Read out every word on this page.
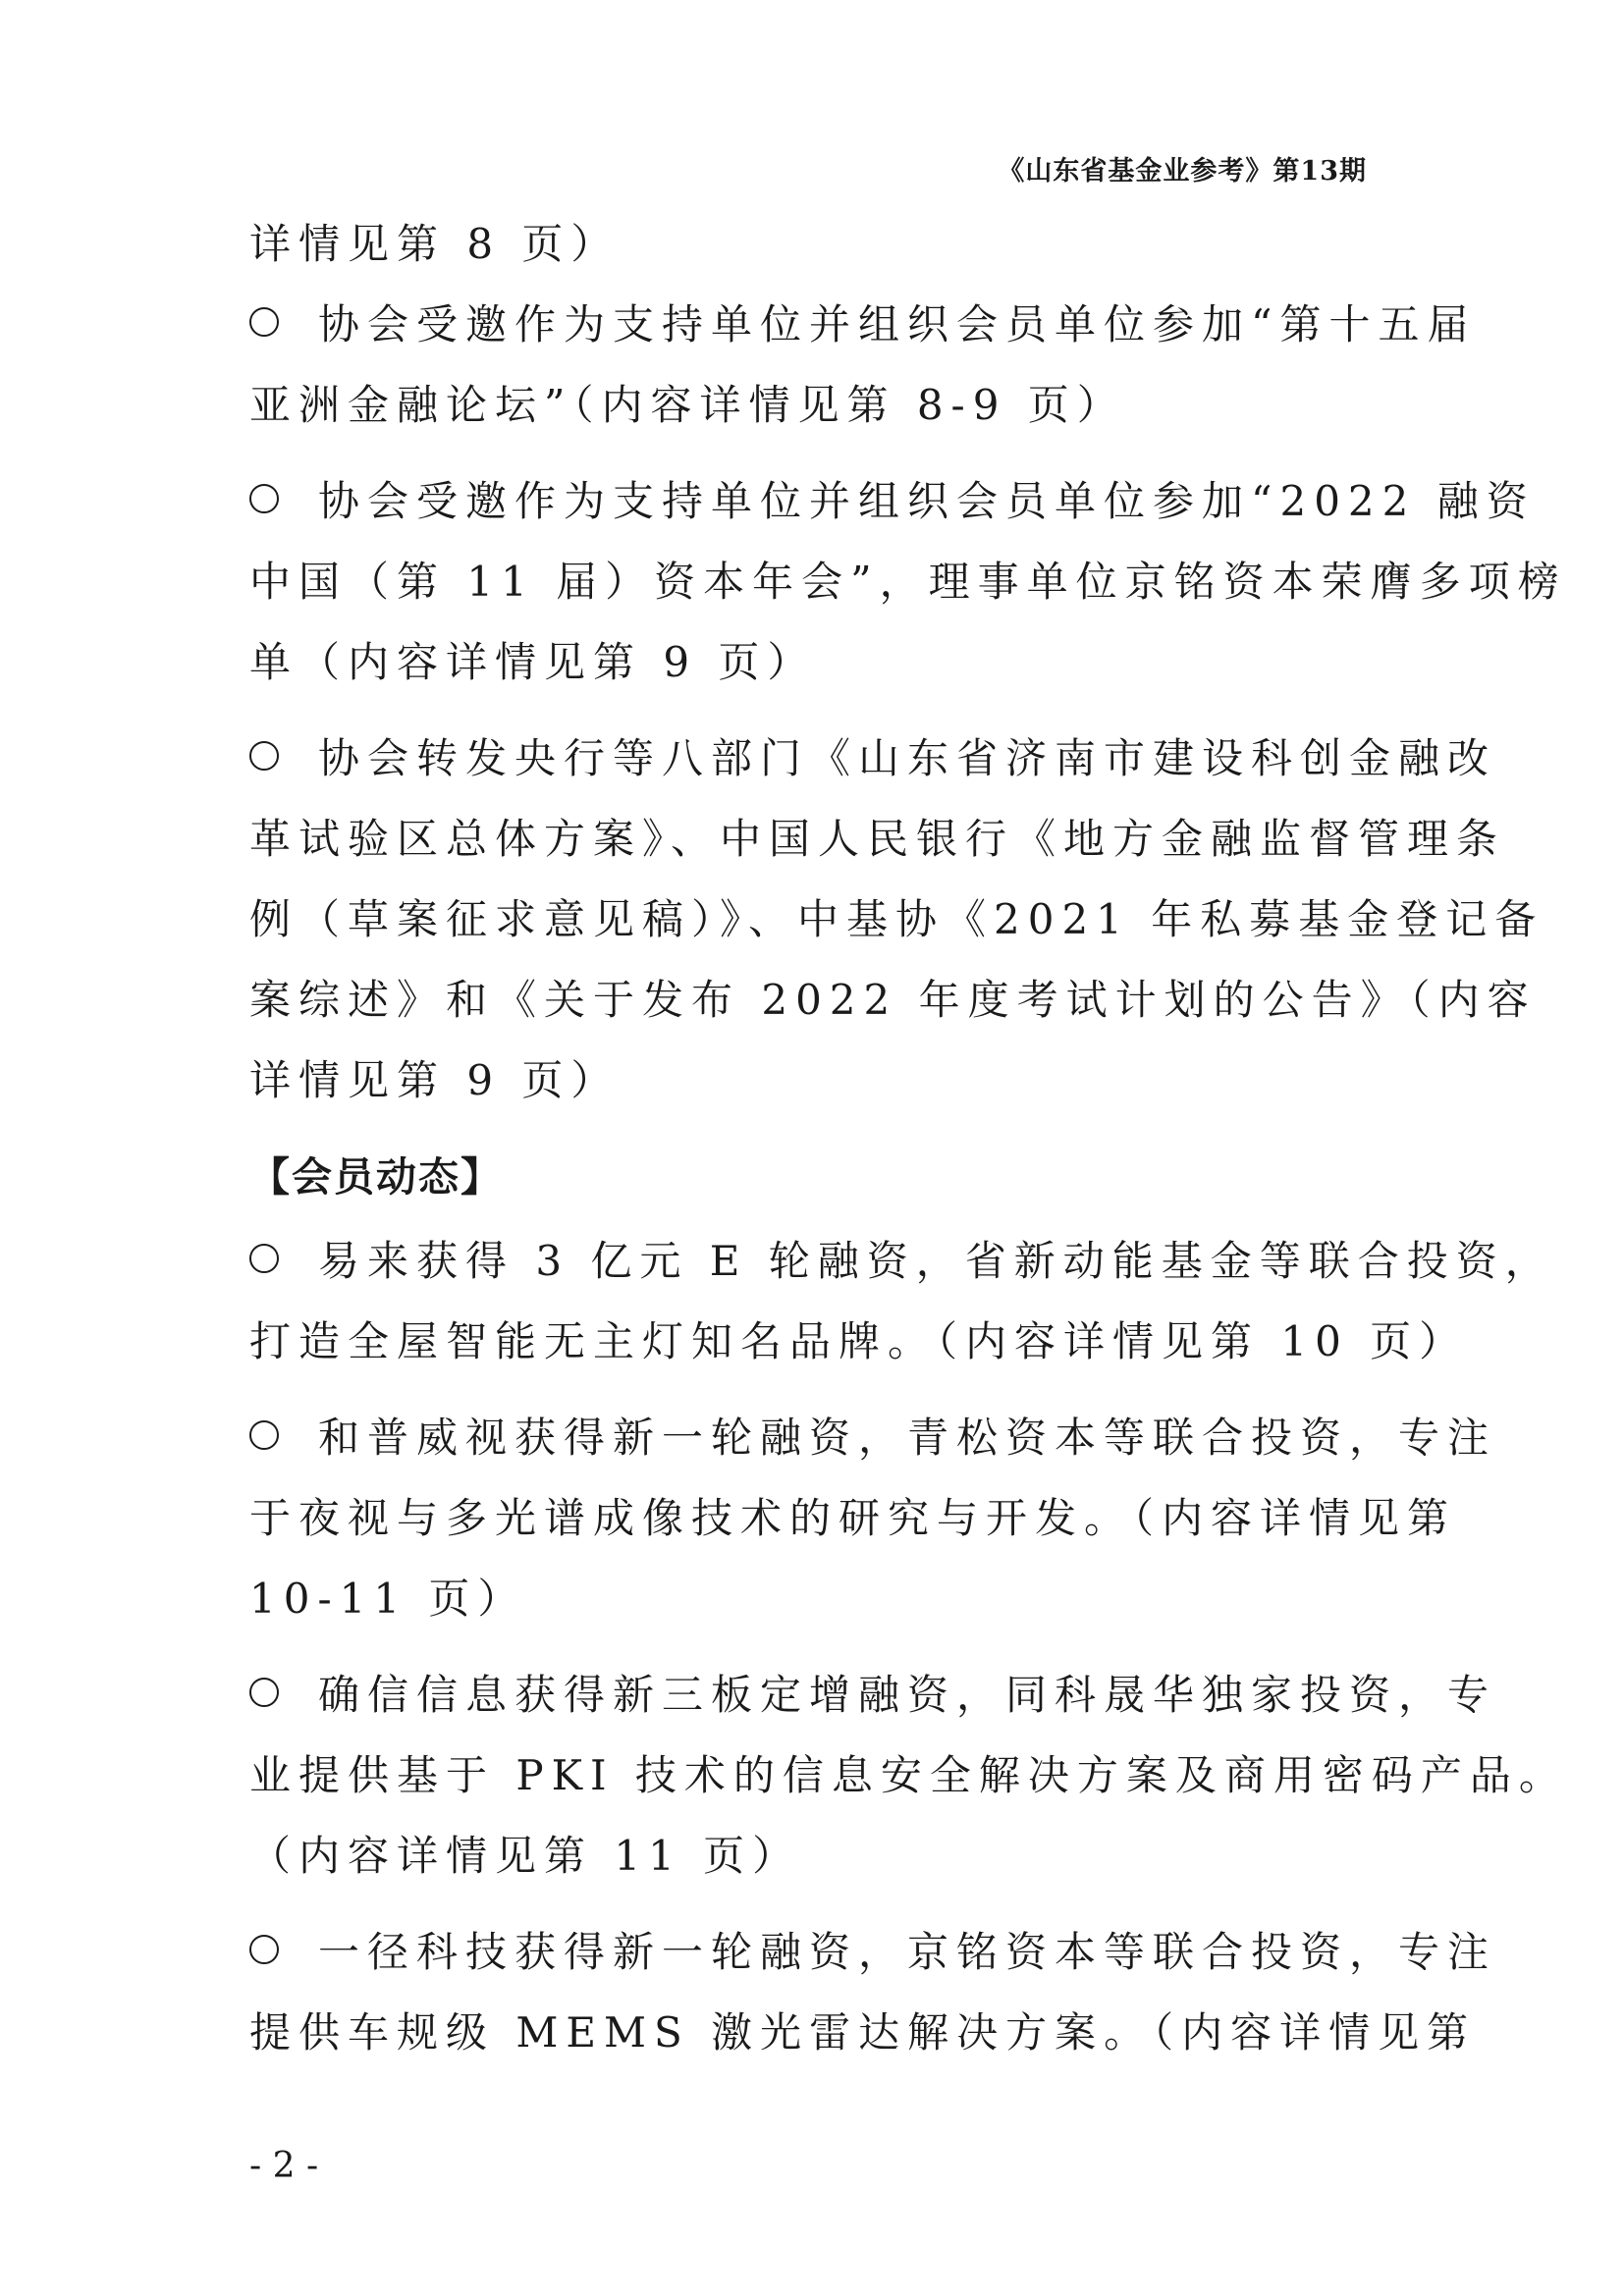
《山东省基金业参考》第13期
详情见第 8 页）
协会受邀作为支持单位并组织会员单位参加“第十五届
亚洲金融论坛”（内容详情见第 8-9 页）
协会受邀作为支持单位并组织会员单位参加“2022 融资
中国（第 11 届）资本年会”，理事单位京铭资本荣膺多项榜
单（内容详情见第 9 页）
协会转发央行等八部门《山东省济南市建设科创金融改
革试验区总体方案》、中国人民银行《地方金融监督管理条
例（草案征求意见稿）》、中基协《2021 年私募基金登记备
案综述》和《关于发布 2022 年度考试计划的公告》（内容
详情见第 9 页）
【会员动态】
易来获得 3 亿元 E 轮融资，省新动能基金等联合投资，
打造全屋智能无主灯知名品牌。（内容详情见第 10 页）
和普威视获得新一轮融资，青松资本等联合投资，专注
于夜视与多光谱成像技术的研究与开发。（内容详情见第
10-11 页）
确信信息获得新三板定增融资，同科晟华独家投资，专
业提供基于 PKI 技术的信息安全解决方案及商用密码产品。
（内容详情见第 11 页）
一径科技获得新一轮融资，京铭资本等联合投资，专注
提供车规级 MEMS 激光雷达解决方案。（内容详情见第
- 2 -
